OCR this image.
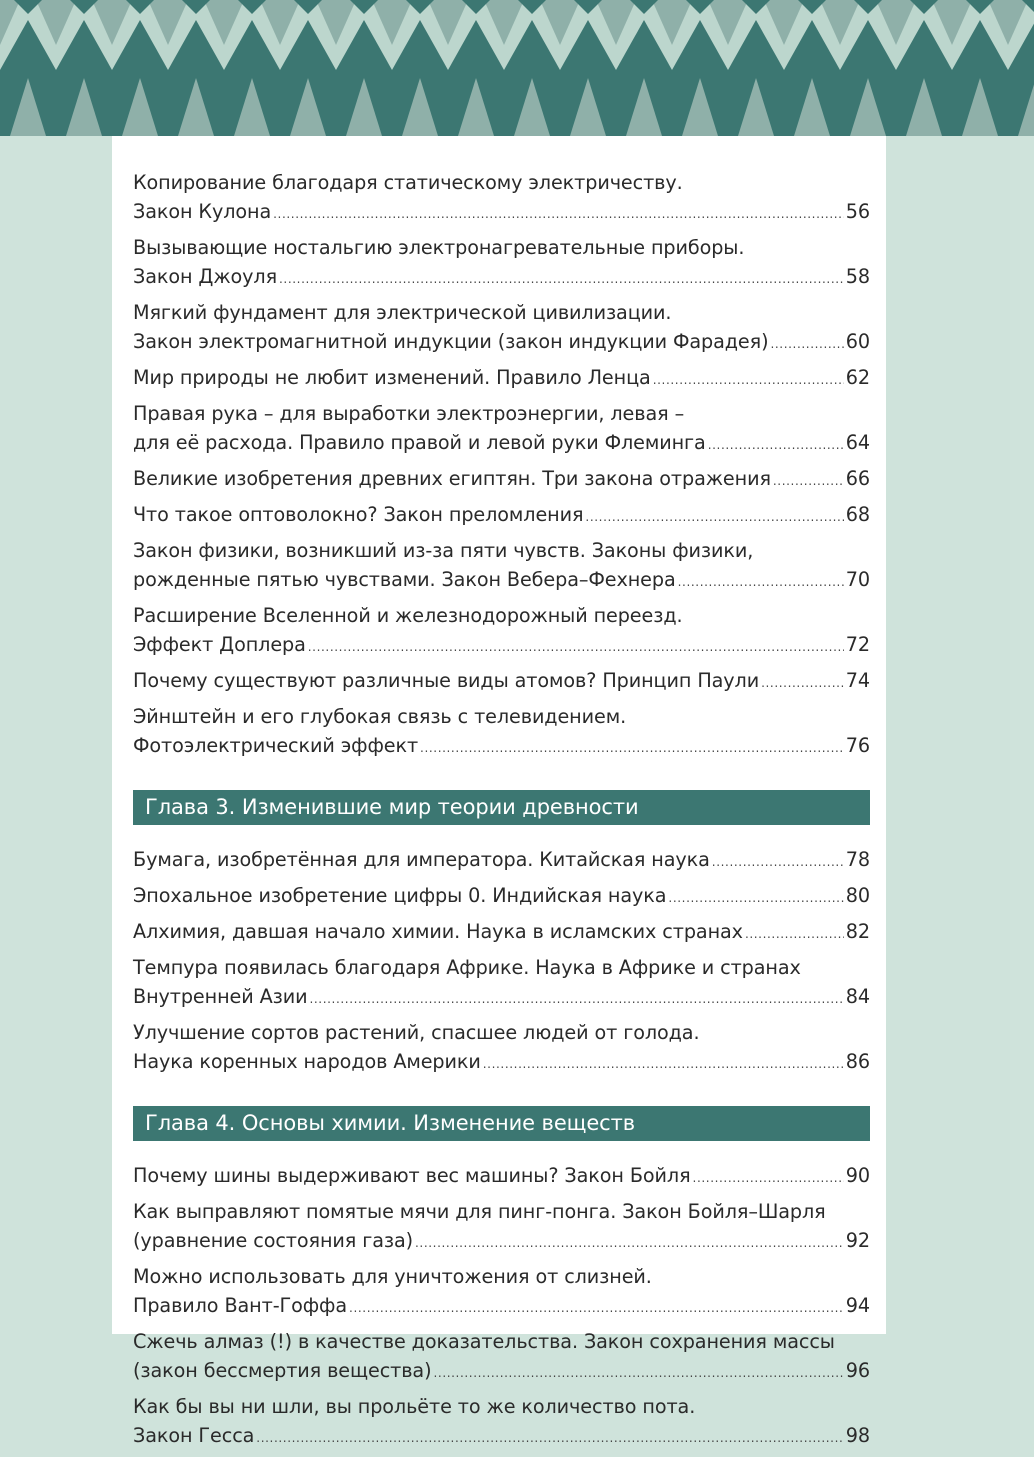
Копирование благодаря статическому электричеству.
Закон Кулона .....	56
Вызывающие ностальгию электронагревательные приборы.
Закон Джоуля .....	58
Мягкий фундамент для электрической цивилизации.
Закон электромагнитной индукции (закон индукции Фарадея) .....	60
Мир природы не любит изменений. Правило Ленца .....	62
Правая рука – для выработки электроэнергии, левая –
для её расхода. Правило правой и левой руки Флеминга .....	64
Великие изобретения древних египтян. Три закона отражения .....	66
Что такое оптоволокно? Закон преломления .....	68
Закон физики, возникший из-за пяти чувств. Законы физики,
рожденные пятью чувствами. Закон Вебера–Фехнера .....	70
Расширение Вселенной и железнодорожный переезд.
Эффект Доплера .....	72
Почему существуют различные виды атомов? Принцип Паули .....	74
Эйнштейн и его глубокая связь с телевидением.
Фотоэлектрический эффект .....	76
Глава 3. Изменившие мир теории древности
Бумага, изобретённая для императора. Китайская наука .....	78
Эпохальное изобретение цифры 0. Индийская наука .....	80
Алхимия, давшая начало химии. Наука в исламских странах .....	82
Темпура появилась благодаря Африке. Наука в Африке и странах
Внутренней Азии .....	84
Улучшение сортов растений, спасшее людей от голода.
Наука коренных народов Америки .....	86
Глава 4. Основы химии. Изменение веществ
Почему шины выдерживают вес машины? Закон Бойля .....	90
Как выправляют помятые мячи для пинг-понга. Закон Бойля–Шарля
(уравнение состояния газа) .....	92
Можно использовать для уничтожения от слизней.
Правило Вант-Гоффа .....	94
Сжечь алмаз (!) в качестве доказательства. Закон сохранения массы
(закон бессмертия вещества) .....	96
Как бы вы ни шли, вы прольёте то же количество пота.
Закон Гесса .....	98
